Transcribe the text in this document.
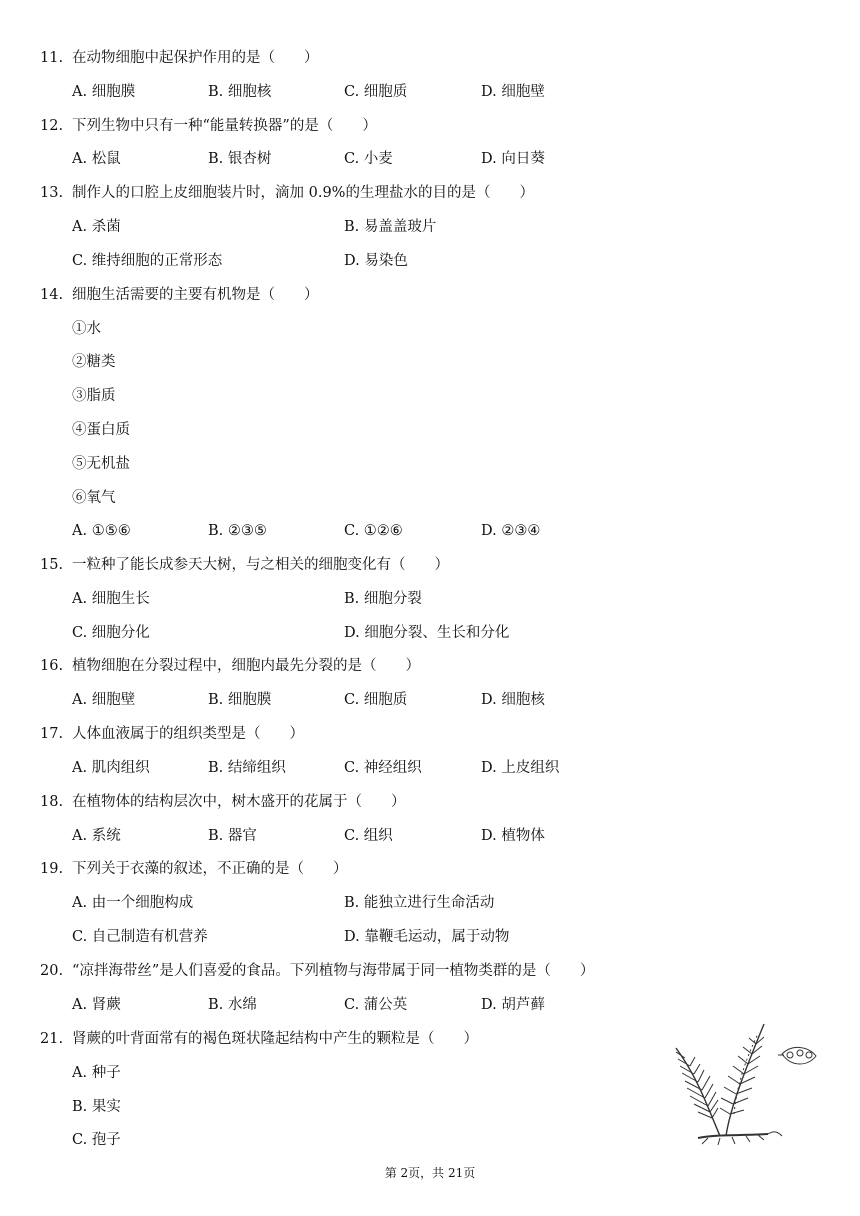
11. 在动物细胞中起保护作用的是（　　）
A. 细胞膜	B. 细胞核	C. 细胞质	D. 细胞壁
12. 下列生物中只有一种“能量转换器”的是（　　）
A. 松鼠	B. 银杏树	C. 小麦	D. 向日葵
13. 制作人的口腔上皮细胞装片时，滴加 0.9%的生理盐水的目的是（　　）
A. 杀菌	B. 易盖盖玻片
C. 维持细胞的正常形态	D. 易染色
14. 细胞生活需要的主要有机物是（　　）
①水
②糖类
③脂质
④蛋白质
⑤无机盐
⑥氧气
A. ①⑤⑥	B. ②③⑤	C. ①②⑥	D. ②③④
15. 一粒种了能长成参天大树，与之相关的细胞变化有（　　）
A. 细胞生长	B. 细胞分裂
C. 细胞分化	D. 细胞分裂、生长和分化
16. 植物细胞在分裂过程中，细胞内最先分裂的是（　　）
A. 细胞壁	B. 细胞膜	C. 细胞质	D. 细胞核
17. 人体血液属于的组织类型是（　　）
A. 肌肉组织	B. 结缔组织	C. 神经组织	D. 上皮组织
18. 在植物体的结构层次中，树木盛开的花属于（　　）
A. 系统	B. 器官	C. 组织	D. 植物体
19. 下列关于衣藻的叙述，不正确的是（　　）
A. 由一个细胞构成	B. 能独立进行生命活动
C. 自己制造有机营养	D. 靠鞭毛运动，属于动物
20. “凉拌海带丝”是人们喜爱的食品。下列植物与海带属于同一植物类群的是（　　）
A. 肾蕨	B. 水绵	C. 蒲公英	D. 胡芦藓
21. 肾蕨的叶背面常有的褐色斑状隆起结构中产生的颗粒是（　　）
A. 种子
B. 果实
C. 孢子
第 2页，共 21页
